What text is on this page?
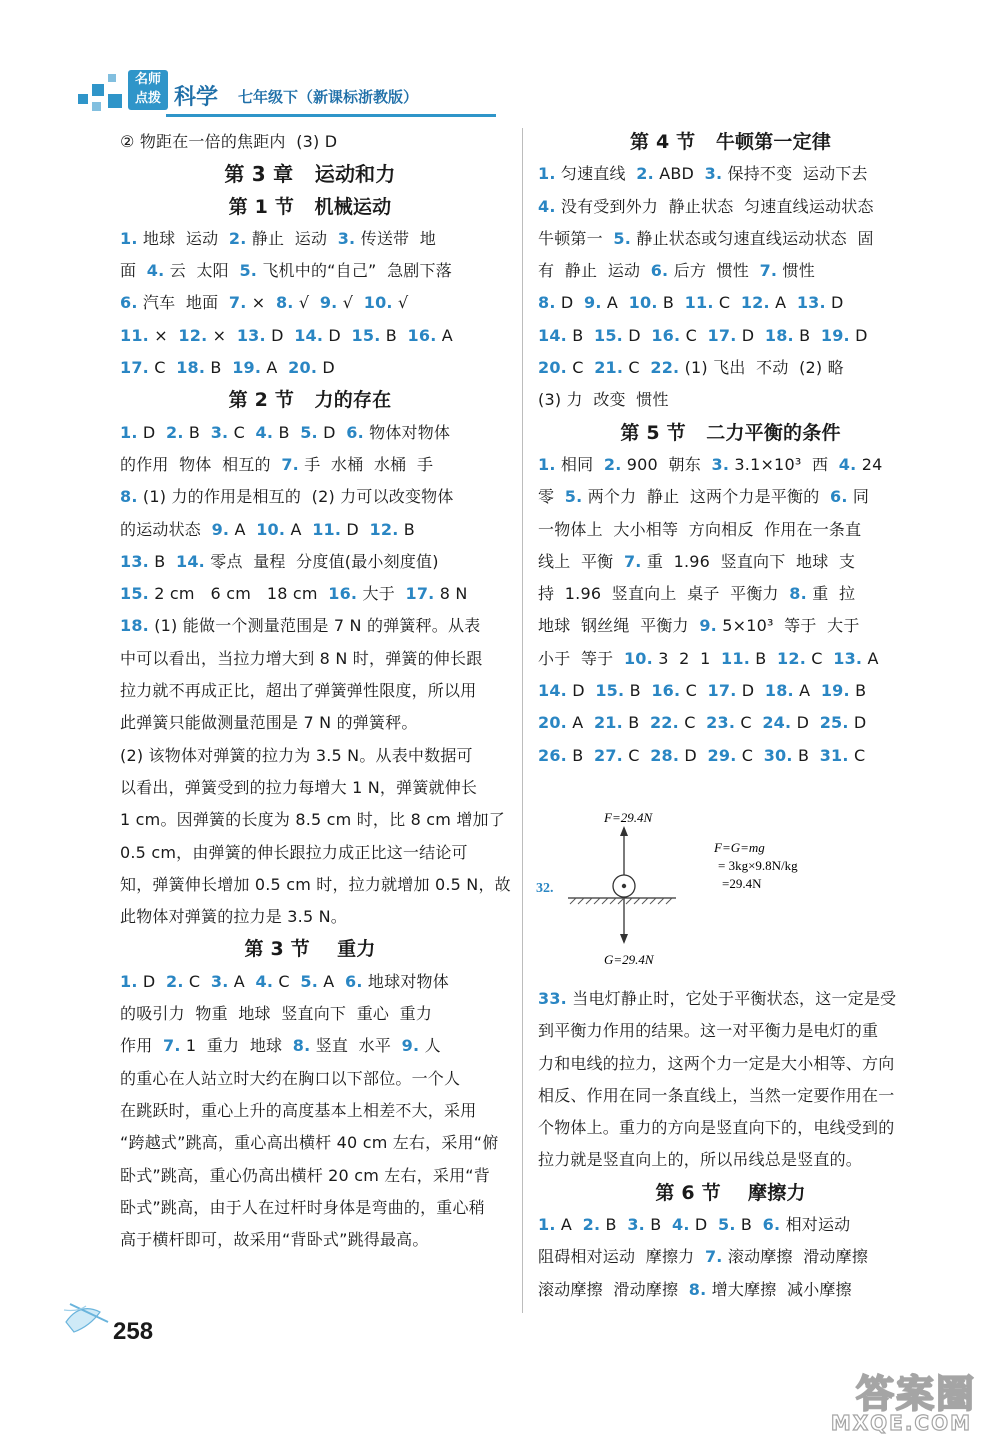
名师
点拨 科学 七年级下（新课标浙教版）
② 物距在一倍的焦距内  (3) D
第 3 章   运动和力
第 1 节   机械运动
1. 地球  运动  2. 静止  运动  3. 传送带  地
面  4. 云  太阳  5. 飞机中的“自己”  急剧下落
6. 汽车  地面  7. ×  8. √  9. √  10. √
11. ×  12. ×  13. D  14. D  15. B  16. A
17. C  18. B  19. A  20. D
第 2 节   力的存在
1. D  2. B  3. C  4. B  5. D  6. 物体对物体
的作用  物体  相互的  7. 手  水桶  水桶  手
8. (1) 力的作用是相互的  (2) 力可以改变物体
的运动状态  9. A  10. A  11. D  12. B
13. B  14. 零点  量程  分度值(最小刻度值)
15. 2 cm   6 cm   18 cm  16. 大于  17. 8 N
18. (1) 能做一个测量范围是 7 N 的弹簧秤。从表
中可以看出，当拉力增大到 8 N 时，弹簧的伸长跟
拉力就不再成正比，超出了弹簧弹性限度，所以用
此弹簧只能做测量范围是 7 N 的弹簧秤。
(2) 该物体对弹簧的拉力为 3.5 N。从表中数据可
以看出，弹簧受到的拉力每增大 1 N，弹簧就伸长
1 cm。因弹簧的长度为 8.5 cm 时，比 8 cm 增加了
0.5 cm，由弹簧的伸长跟拉力成正比这一结论可
知，弹簧伸长增加 0.5 cm 时，拉力就增加 0.5 N，故
此物体对弹簧的拉力是 3.5 N。
第 3 节    重力
1. D  2. C  3. A  4. C  5. A  6. 地球对物体
的吸引力  物重  地球  竖直向下  重心  重力
作用  7. 1  重力  地球  8. 竖直  水平  9. 人
的重心在人站立时大约在胸口以下部位。一个人
在跳跃时，重心上升的高度基本上相差不大，采用
“跨越式”跳高，重心高出横杆 40 cm 左右，采用“俯
卧式”跳高，重心仍高出横杆 20 cm 左右，采用“背
卧式”跳高，由于人在过杆时身体是弯曲的，重心稍
高于横杆即可，故采用“背卧式”跳得最高。
第 4 节   牛顿第一定律
1. 匀速直线  2. ABD  3. 保持不变  运动下去
4. 没有受到外力  静止状态  匀速直线运动状态
牛顿第一  5. 静止状态或匀速直线运动状态  固
有  静止  运动  6. 后方  惯性  7. 惯性
8. D  9. A  10. B  11. C  12. A  13. D
14. B  15. D  16. C  17. D  18. B  19. D
20. C  21. C  22. (1) 飞出  不动  (2) 略
(3) 力  改变  惯性
第 5 节   二力平衡的条件
1. 相同  2. 900  朝东  3. 3.1×10³  西  4. 24
零  5. 两个力  静止  这两个力是平衡的  6. 同
一物体上  大小相等  方向相反  作用在一条直
线上  平衡  7. 重  1.96  竖直向下  地球  支
持  1.96  竖直向上  桌子  平衡力  8. 重  拉
地球  钢丝绳  平衡力  9. 5×10³  等于  大于
小于  等于  10. 3  2  1  11. B  12. C  13. A
14. D  15. B  16. C  17. D  18. A  19. B
20. A  21. B  22. C  23. C  24. D  25. D
26. B  27. C  28. D  29. C  30. B  31. C
F=29.4N
32.
F=G=mg
= 3kg×9.8N/kg
=29.4N
G=29.4N
33. 当电灯静止时，它处于平衡状态，这一定是受
到平衡力作用的结果。这一对平衡力是电灯的重
力和电线的拉力，这两个力一定是大小相等、方向
相反、作用在同一条直线上，当然一定要作用在一
个物体上。重力的方向是竖直向下的，电线受到的
拉力就是竖直向上的，所以吊线总是竖直的。
第 6 节    摩擦力
1. A  2. B  3. B  4. D  5. B  6. 相对运动
阻碍相对运动  摩擦力  7. 滚动摩擦  滑动摩擦
滚动摩擦  滑动摩擦  8. 增大摩擦  减小摩擦
258
答案圈
MXQE.COM
